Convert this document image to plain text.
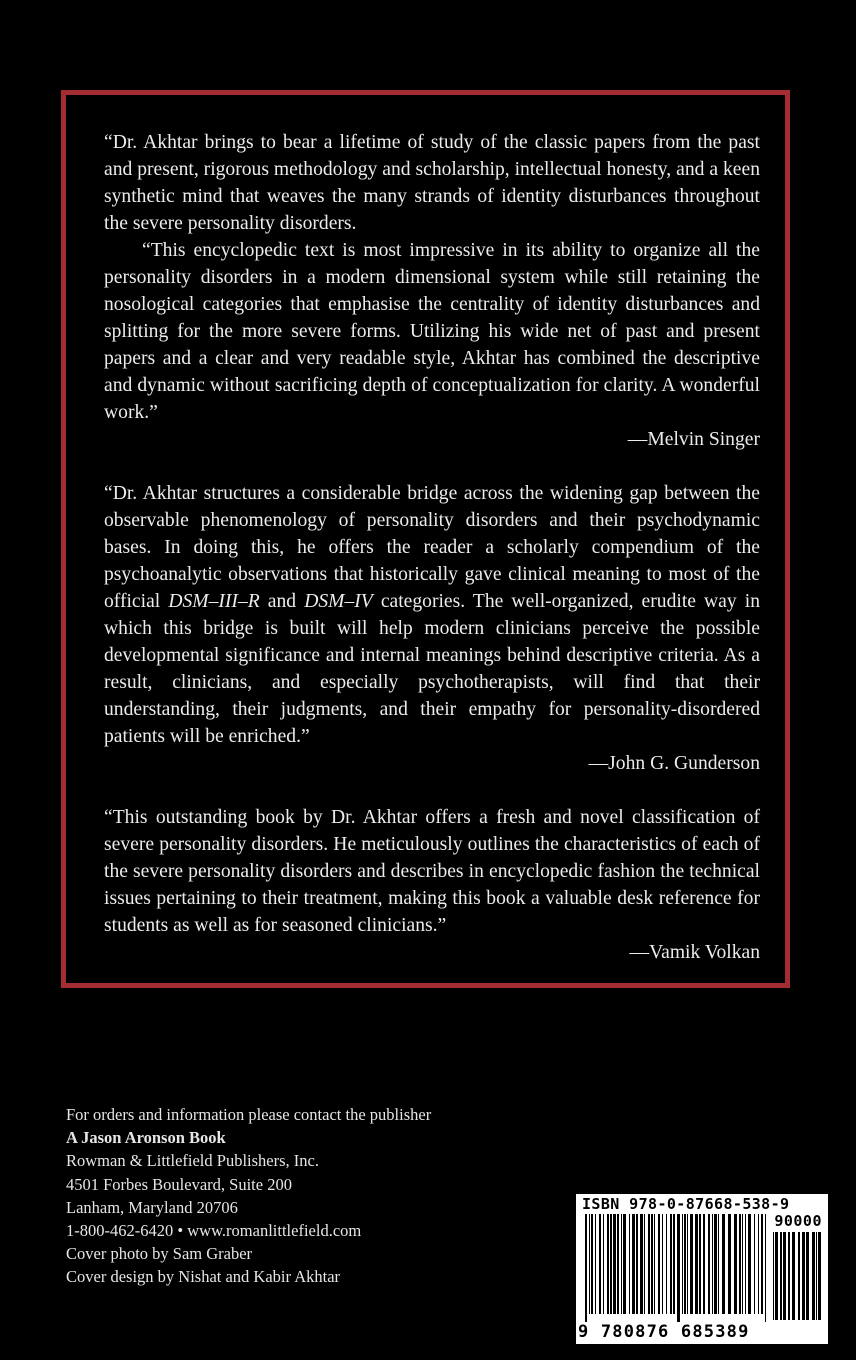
“Dr. Akhtar brings to bear a lifetime of study of the classic papers from the past and present, rigorous methodology and scholarship, intellectual honesty, and a keen synthetic mind that weaves the many strands of identity disturbances throughout the severe personality disorders.

“This encyclopedic text is most impressive in its ability to organize all the personality disorders in a modern dimensional system while still retaining the nosological categories that emphasise the centrality of identity disturbances and splitting for the more severe forms. Utilizing his wide net of past and present papers and a clear and very readable style, Akhtar has combined the descriptive and dynamic without sacrificing depth of conceptualization for clarity. A wonderful work.”

—Melvin Singer

“Dr. Akhtar structures a considerable bridge across the widening gap between the observable phenomenology of personality disorders and their psychodynamic bases. In doing this, he offers the reader a scholarly compendium of the psychoanalytic observations that historically gave clinical meaning to most of the official DSM–III–R and DSM–IV categories. The well-organized, erudite way in which this bridge is built will help modern clinicians perceive the possible developmental significance and internal meanings behind descriptive criteria. As a result, clinicians, and especially psychotherapists, will find that their understanding, their judgments, and their empathy for personality-disordered patients will be enriched.”

—John G. Gunderson

“This outstanding book by Dr. Akhtar offers a fresh and novel classification of severe personality disorders. He meticulously outlines the characteristics of each of the severe personality disorders and describes in encyclopedic fashion the technical issues pertaining to their treatment, making this book a valuable desk reference for students as well as for seasoned clinicians.”

—Vamik Volkan

For orders and information please contact the publisher
A Jason Aronson Book
Rowman & Littlefield Publishers, Inc.
4501 Forbes Boulevard, Suite 200
Lanham, Maryland 20706
1-800-462-6420 • www.romanlittlefield.com
Cover photo by Sam Graber
Cover design by Nishat and Kabir Akhtar
ISBN 978-0-87668-538-9
90000
9 780876 685389
